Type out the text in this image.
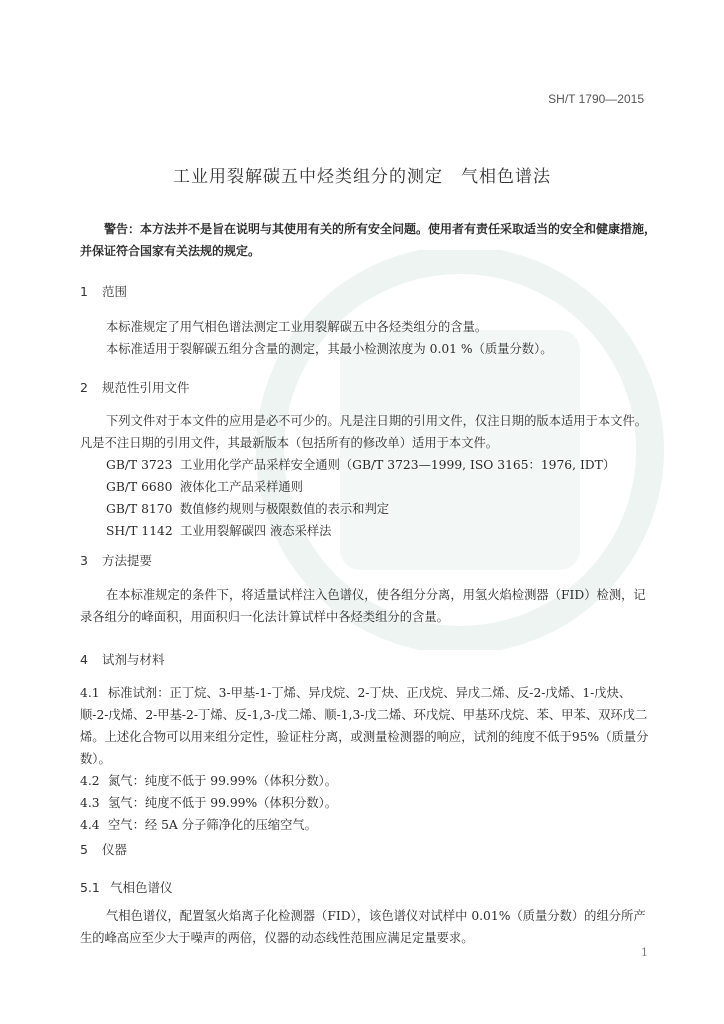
SH/T 1790—2015
工业用裂解碳五中烃类组分的测定　气相色谱法
警告：本方法并不是旨在说明与其使用有关的所有安全问题。使用者有责任采取适当的安全和健康措施，并保证符合国家有关法规的规定。
1 范围

本标准规定了用气相色谱法测定工业用裂解碳五中各烃类组分的含量。

本标准适用于裂解碳五组分含量的测定，其最小检测浓度为 0.01 %（质量分数）。

2 规范性引用文件

下列文件对于本文件的应用是必不可少的。凡是注日期的引用文件，仅注日期的版本适用于本文件。凡是不注日期的引用文件，其最新版本（包括所有的修改单）适用于本文件。

GB/T 3723 工业用化学产品采样安全通则（GB/T 3723—1999, ISO 3165：1976, IDT）

GB/T 6680 液体化工产品采样通则

GB/T 8170 数值修约规则与极限数值的表示和判定

SH/T 1142 工业用裂解碳四 液态采样法

3 方法提要

在本标准规定的条件下，将适量试样注入色谱仪，使各组分分离，用氢火焰检测器（FID）检测，记录各组分的峰面积，用面积归一化法计算试样中各烃类组分的含量。

4 试剂与材料

4.1 标准试剂：正丁烷、3-甲基-1-丁烯、异戊烷、2-丁炔、正戊烷、异戊二烯、反-2-戊烯、1-戊炔、顺-2-戊烯、2-甲基-2-丁烯、反-1,3-戊二烯、顺-1,3-戊二烯、环戊烷、甲基环戊烷、苯、甲苯、双环戊二烯。上述化合物可以用来组分定性，验证柱分离，或测量检测器的响应，试剂的纯度不低于95%（质量分数）。

4.2 氮气：纯度不低于 99.99%（体积分数）。

4.3 氢气：纯度不低于 99.99%（体积分数）。

4.4 空气：经 5A 分子筛净化的压缩空气。

5 仪器
5.1 气相色谱仪

气相色谱仪，配置氢火焰离子化检测器（FID），该色谱仪对试样中 0.01%（质量分数）的组分所产生的峰高应至少大于噪声的两倍，仪器的动态线性范围应满足定量要求。

1
